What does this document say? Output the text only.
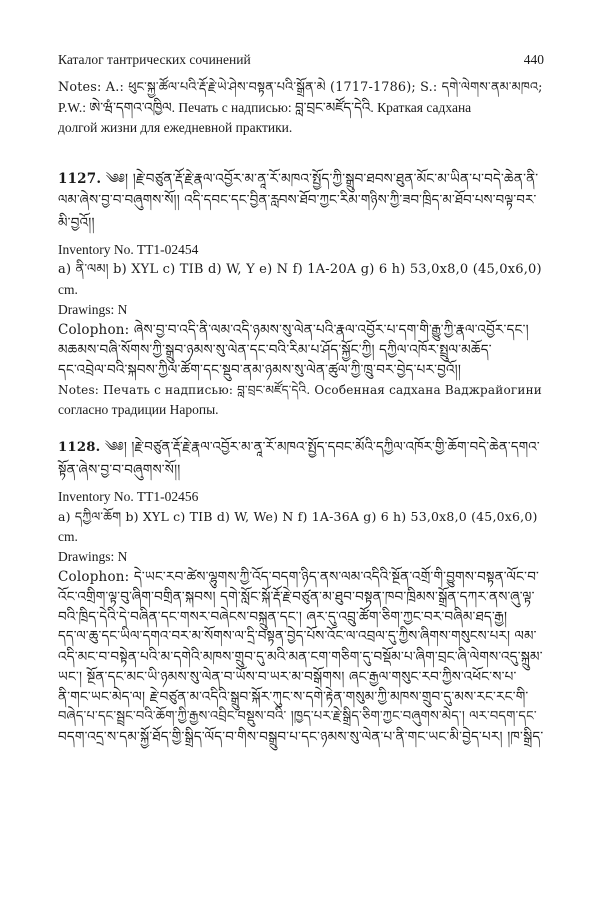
Каталог тантрических сочинений	440

Notes: A.: ཕུང་སྐྱ་ཚོལ་པའི་རྡོ་རྗེ་ཡེ་ཤེས་བསྟན་པའི་སྒྲོན་མེ (1717-1786); S.: དགེ་ལེགས་ནམ་མཁའ;

P.W.: ཨེ་ཝཾ་དགའ་འཁྱིལ. Печать с надписью: བླ་བྲང་མཛོད་དེའི. Краткая садхана

долгой жизни для ежедневной практики.

1127. ༄༅། །རྗེ་བཙུན་རྡོ་རྗེ་རྣལ་འབྱོར་མ་ནཱ་རོ་མཁའ་སྤྱོད་ཀྱི་སྒྲུབ་ཐབས་ཐུན་མོང་མ་ཡིན་པ་བདེ་ཆེན་ནི་

ལམ་ཞེས་བྱ་བ་བཞུགས་སོ།། འདི་དབང་དང་བྱིན་རླབས་ཐོབ་ཀྱང་རིམ་གཉིས་ཀྱི་ཟབ་ཁྲིད་མ་ཐོབ་པས་བལྟ་བར་

མི་བྱའོ།།

Inventory No. TT1-02454

a) ནི་ལམ། b) XYL c) TIB d) W, Y e) N f) 1A-20A g) 6 h) 53,0x8,0 (45,0x6,0)

cm.

Drawings: N

Colophon: ཞེས་བྱ་བ་འདི་ནི་ལམ་འདི་ཉམས་སུ་ལེན་པའི་རྣལ་འབྱོར་པ་དག་གི་རྒྱུ་ཀྱི་རྣལ་འབྱོར་དང་།

མཆམས་བཞི་སོགས་ཀྱི་སྒྲུབ་ཉམས་སུ་ལེན་དང་བའི་རིམ་པ་ཤོད་སྐྱོང་ཀྱི། དཀྱིལ་འཁོར་སྤྲུལ་མཆོད་

དང་འབྲེལ་བའི་སྐབས་ཀྱིལ་ཚོག་དང་སྡུབ་ནམ་ཉམས་སུ་ལེན་ཚུལ་ཀྱི་ཁྲུ་བར་བྱེད་པར་བྱའོ།།

Notes: Печать с надписью: བླ་བྲང་མཛོད་དེའི. Особенная садхана Ваджрайогини

согласно традиции Наропы.

1128. ༄༅། །རྗེ་བཙུན་རྡོ་རྗེ་རྣལ་འབྱོར་མ་ནཱ་རོ་མཁའ་སྤྱོད་དབང་མོའི་དཀྱིལ་འཁོར་གྱི་ཆོག་བདེ་ཆེན་དགའ་

སྟོན་ཞེས་བྱ་བ་བཞུགས་སོ།།

Inventory No. TT1-02456

a) དཀྱིལ་ཆོག b) XYL c) TIB d) W, We) N f) 1A-36A g) 6 h) 53,0x8,0 (45,0x6,0)

cm.

Drawings: N

Colophon: དེ་ཡང་རབ་ཚེས་ལྷུགས་ཀྱི་འོད་བདག་ཉིད་ནས་ལམ་འདིའི་སྔོན་འགྲོ་གི་བྱུགས་བསྟན་ལོང་བ་

འོང་འགྲིག་ལྟ་བུ་ཞིག་བགྲིན་སྐབས། དགེ་སློང་སྐོ་རྡོ་རྗེ་བཙུན་མ་ཐུབ་བསྟན་ཁབ་ཁྲིམས་སྒྲོན་དཀར་ནས་ཞུ་ལྟ་

བའི་ཁྲིད་དེའི་དེ་བཞིན་དང་གསར་བཞེངས་བསྐྲུན་དང་། ཞར་དུ་འབྲུ་ཚོག་ཅིག་ཀྱང་བར་བཞིམ་ཐད་རྒྱ།

དད་ལ་ཆུ་དང་ཡིལ་དགའ་བར་མ་སོགས་ལ་དྲི་བསྟན་བྱེད་པོས་འོང་ལ་འབྲལ་དུ་ཀྱིས་ཞིགས་གསུངས་པར། ལམ་

འདི་མང་བ་བསྟེན་པའི་མ་དགེའི་མཁས་གྲུབ་དུ་མའི་མན་ངག་གཅིག་དུ་བསྡོམ་པ་ཞིག་བྲང་ཞི་ལེགས་འདུ་སྐྲུམ་

ཡང་། སྔོན་དང་མང་ཡི་ཉམས་སུ་ལེན་བ་ཡོས་བ་ཡར་མ་བསྒོགས། ཞང་རྒྱལ་གསུང་རབ་ཀྱིས་འཕོང་ས་པ་

ནི་གང་ཡང་མེད་ལ། རྗེ་བཙུན་མ་འདིའི་སྒྲུབ་སྐོར་ཀུང་ས་དགེ་རྟེན་གསུམ་ཀྱི་མཁས་གྲུབ་དུ་མས་རང་རང་གི་

བཞེད་པ་དང་སྦྲང་བའི་ཆོག་ཀྱི་རྒྱས་འབྲིང་བསྡུས་བའི་ །ཁྱད་པར་རྗེ་སྒྲིད་ཅིག་ཀྱང་བཞུགས་མེད་། ལར་བདག་དང་

བདག་འདྲ་ས་དམ་སྐྱོ་ཐོད་གྱི་སྒྲིད་ལོད་བ་གིས་བསྒྲུབ་པ་དང་ཉམས་སུ་ལེན་པ་ནི་གང་ཡང་མི་བྱེད་པར། །ཁ་སྒྲིད་
